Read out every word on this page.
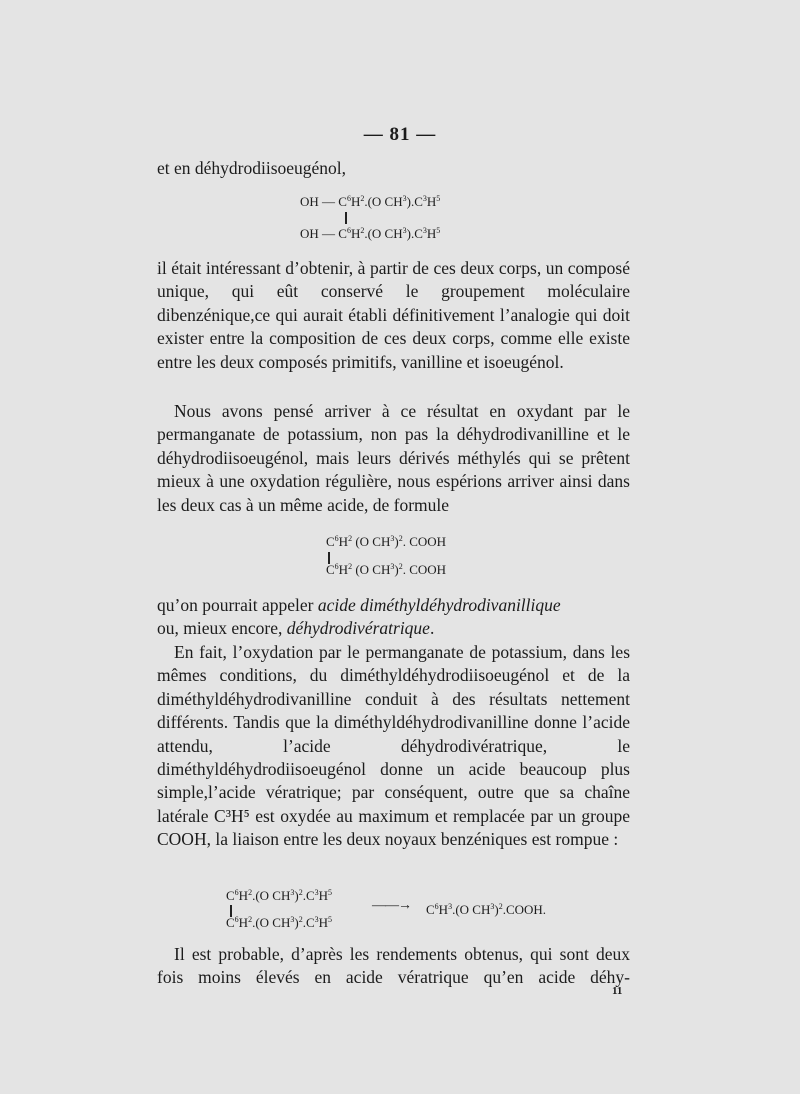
— 81 —
et en déhydrodiisoeugénol,
OH — $C^6H^2.(O$ $CH^3).C^3H^5$
OH — $C^6H^2.(O$ $CH^3).C^3H^5$
il était intéressant d’obtenir, à partir de ces deux corps, un composé unique, qui eût conservé le groupement moléculaire dibenzénique,ce qui aurait établi définitivement l’analogie qui doit exister entre la composition de ces deux corps, comme elle existe entre les deux composés primitifs, vanilline et isoeugénol.
Nous avons pensé arriver à ce résultat en oxydant par le permanganate de potassium, non pas la déhydrodivanilline et le déhydrodiisoeugénol, mais leurs dérivés méthylés qui se prêtent mieux à une oxydation régulière, nous espérions arriver ainsi dans les deux cas à un même acide, de formule
$C^6H^2$ (O $CH^3)^2$. COOH
$C^6H^2$ (O $CH^3)^2$. COOH
qu’on pourrait appeler acide diméthyldéhydrodivanillique
ou, mieux encore, déhydrodivératrique.
En fait, l’oxydation par le permanganate de potassium, dans les mêmes conditions, du diméthyldéhydrodiisoeugénol et de la diméthyldéhydrodivanilline conduit à des résultats nettement différents. Tandis que la diméthyldéhydrodivanilline donne l’acide attendu, l’acide déhydrodivératrique, le diméthyldéhydrodiisoeugénol donne un acide beaucoup plus simple,l’acide vératrique; par conséquent, outre que sa chaîne latérale C³H⁵ est oxydée au maximum et remplacée par un groupe COOH, la liaison entre les deux noyaux benzéniques est rompue :
$C^6H^2.(O$ $CH^3)^2.C^3H^5$
$C^6H^2.(O$ $CH^3)^2.C^3H^5$
——→ $C^6H^3.(O$ $CH^3)^2.COOH$.
Il est probable, d’après les rendements obtenus, qui sont deux fois moins élevés en acide vératrique qu’en acide déhy-
11
